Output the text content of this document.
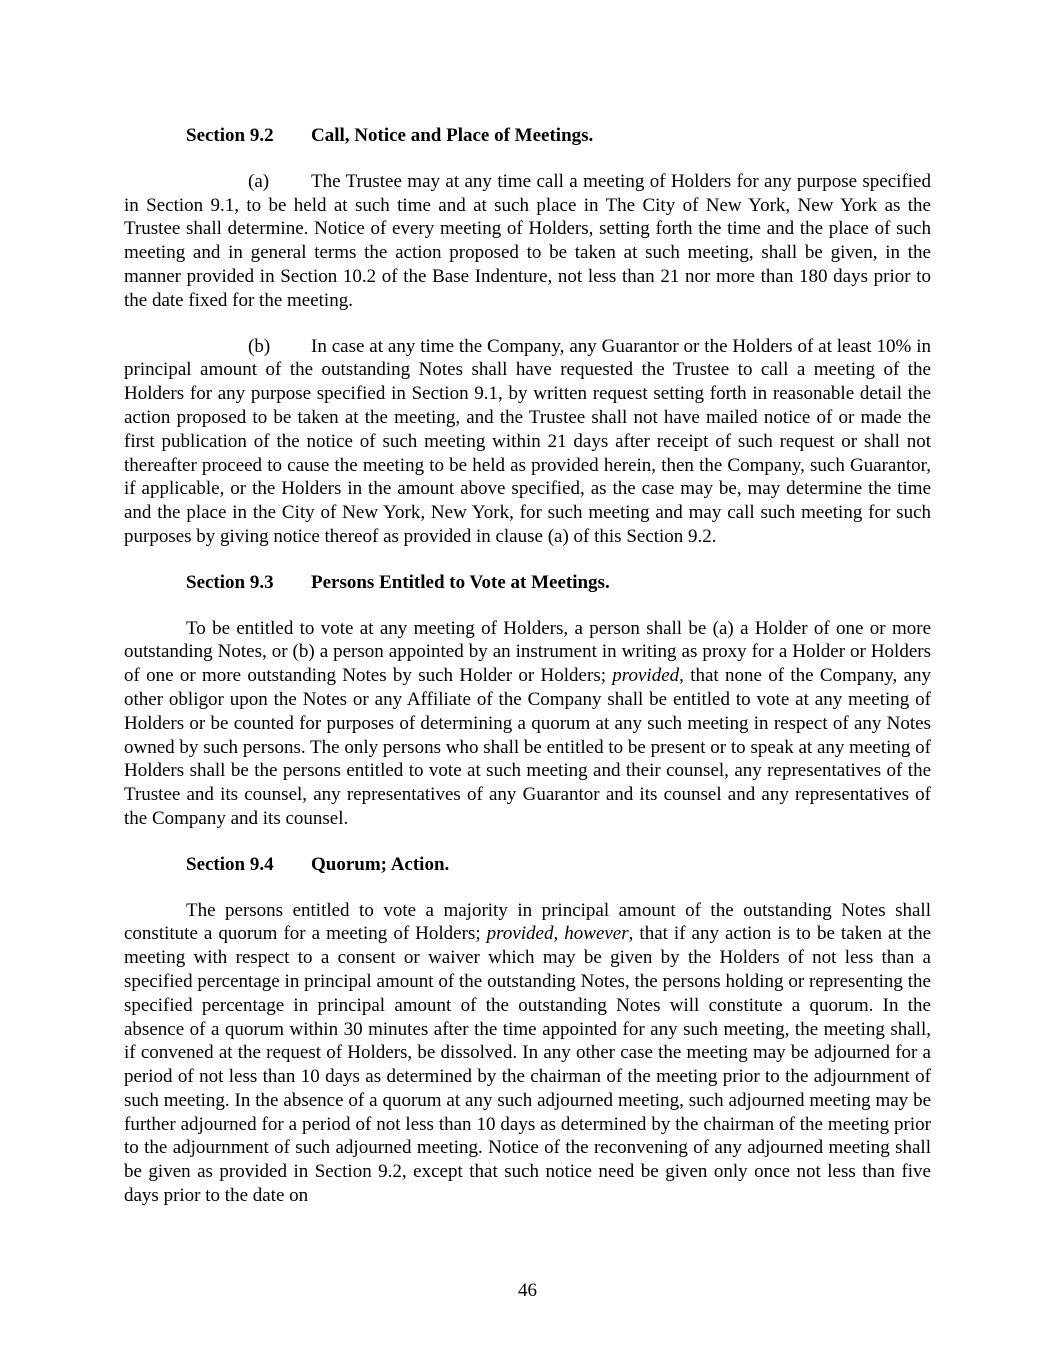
Section 9.2 Call, Notice and Place of Meetings.

(a) The Trustee may at any time call a meeting of Holders for any purpose specified in Section 9.1, to be held at such time and at such place in The City of New York, New York as the Trustee shall determine. Notice of every meeting of Holders, setting forth the time and the place of such meeting and in general terms the action proposed to be taken at such meeting, shall be given, in the manner provided in Section 10.2 of the Base Indenture, not less than 21 nor more than 180 days prior to the date fixed for the meeting.

(b) In case at any time the Company, any Guarantor or the Holders of at least 10% in principal amount of the outstanding Notes shall have requested the Trustee to call a meeting of the Holders for any purpose specified in Section 9.1, by written request setting forth in reasonable detail the action proposed to be taken at the meeting, and the Trustee shall not have mailed notice of or made the first publication of the notice of such meeting within 21 days after receipt of such request or shall not thereafter proceed to cause the meeting to be held as provided herein, then the Company, such Guarantor, if applicable, or the Holders in the amount above specified, as the case may be, may determine the time and the place in the City of New York, New York, for such meeting and may call such meeting for such purposes by giving notice thereof as provided in clause (a) of this Section 9.2.

Section 9.3 Persons Entitled to Vote at Meetings.

To be entitled to vote at any meeting of Holders, a person shall be (a) a Holder of one or more outstanding Notes, or (b) a person appointed by an instrument in writing as proxy for a Holder or Holders of one or more outstanding Notes by such Holder or Holders; provided, that none of the Company, any other obligor upon the Notes or any Affiliate of the Company shall be entitled to vote at any meeting of Holders or be counted for purposes of determining a quorum at any such meeting in respect of any Notes owned by such persons. The only persons who shall be entitled to be present or to speak at any meeting of Holders shall be the persons entitled to vote at such meeting and their counsel, any representatives of the Trustee and its counsel, any representatives of any Guarantor and its counsel and any representatives of the Company and its counsel.

Section 9.4 Quorum; Action.

The persons entitled to vote a majority in principal amount of the outstanding Notes shall constitute a quorum for a meeting of Holders; provided, however, that if any action is to be taken at the meeting with respect to a consent or waiver which may be given by the Holders of not less than a specified percentage in principal amount of the outstanding Notes, the persons holding or representing the specified percentage in principal amount of the outstanding Notes will constitute a quorum. In the absence of a quorum within 30 minutes after the time appointed for any such meeting, the meeting shall, if convened at the request of Holders, be dissolved. In any other case the meeting may be adjourned for a period of not less than 10 days as determined by the chairman of the meeting prior to the adjournment of such meeting. In the absence of a quorum at any such adjourned meeting, such adjourned meeting may be further adjourned for a period of not less than 10 days as determined by the chairman of the meeting prior to the adjournment of such adjourned meeting. Notice of the reconvening of any adjourned meeting shall be given as provided in Section 9.2, except that such notice need be given only once not less than five days prior to the date on

46
